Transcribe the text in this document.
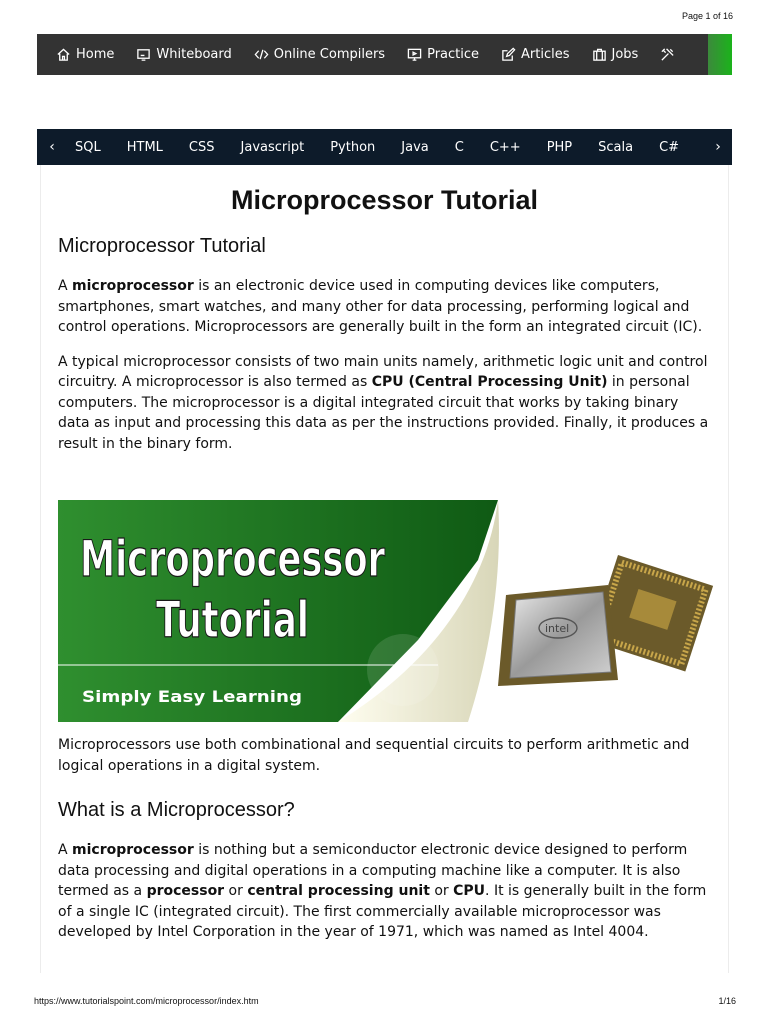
Page 1 of 16
Home	Whiteboard	Online Compilers	Practice	Articles	Jobs
‹	SQL HTML CSS Javascript Python Java C C++ PHP Scala C#	›
Microprocessor Tutorial
Microprocessor Tutorial

A microprocessor is an electronic device used in computing devices like computers, smartphones, smart watches, and many other for data processing, performing logical and control operations. Microprocessors are generally built in the form an integrated circuit (IC).

A typical microprocessor consists of two main units namely, arithmetic logic unit and control circuitry. A microprocessor is also termed as CPU (Central Processing Unit) in personal computers. The microprocessor is a digital integrated circuit that works by taking binary data as input and processing this data as per the instructions provided. Finally, it produces a result in the binary form.

Microprocessor
Tutorial
Simply Easy Learning
intel

Microprocessors use both combinational and sequential circuits to perform arithmetic and logical operations in a digital system.

What is a Microprocessor?

A microprocessor is nothing but a semiconductor electronic device designed to perform data processing and digital operations in a computing machine like a computer. It is also termed as a processor or central processing unit or CPU. It is generally built in the form of a single IC (integrated circuit). The first commercially available microprocessor was developed by Intel Corporation in the year of 1971, which was named as Intel 4004.

https://www.tutorialspoint.com/microprocessor/index.htm	1/16
